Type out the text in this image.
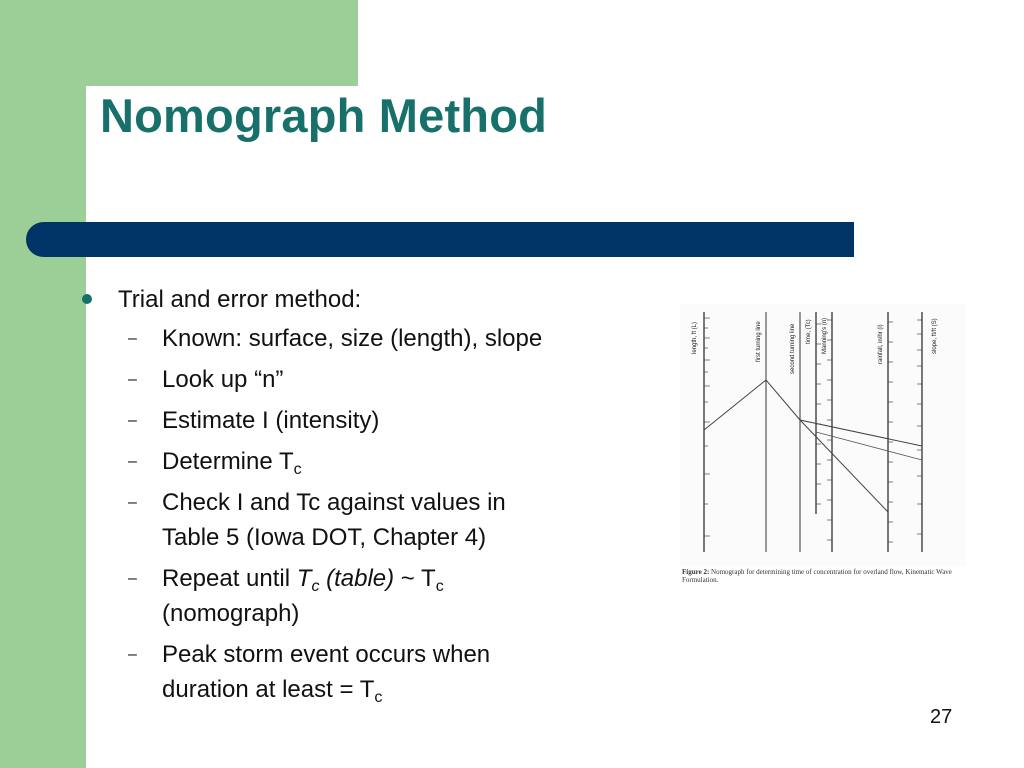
Nomograph Method
Trial and error method:
– Known: surface, size (length), slope
– Look up “n”
– Estimate I (intensity)
– Determine $T_c$
– Check I and Tc against values in
Table 5 (Iowa DOT, Chapter 4)
– Repeat until $T_c$ (table) ~ $T_c$
(nomograph)
– Peak storm event occurs when
duration at least = $T_c$
length, ft (L)	first turning line	second turning line time, (Tc) Manning's (n)	rainfall, in/hr (i)	slope, ft/ft (S)
Figure 2: Nomograph for determining time of concentration for overland flow, Kinematic Wave Formulation.
27
